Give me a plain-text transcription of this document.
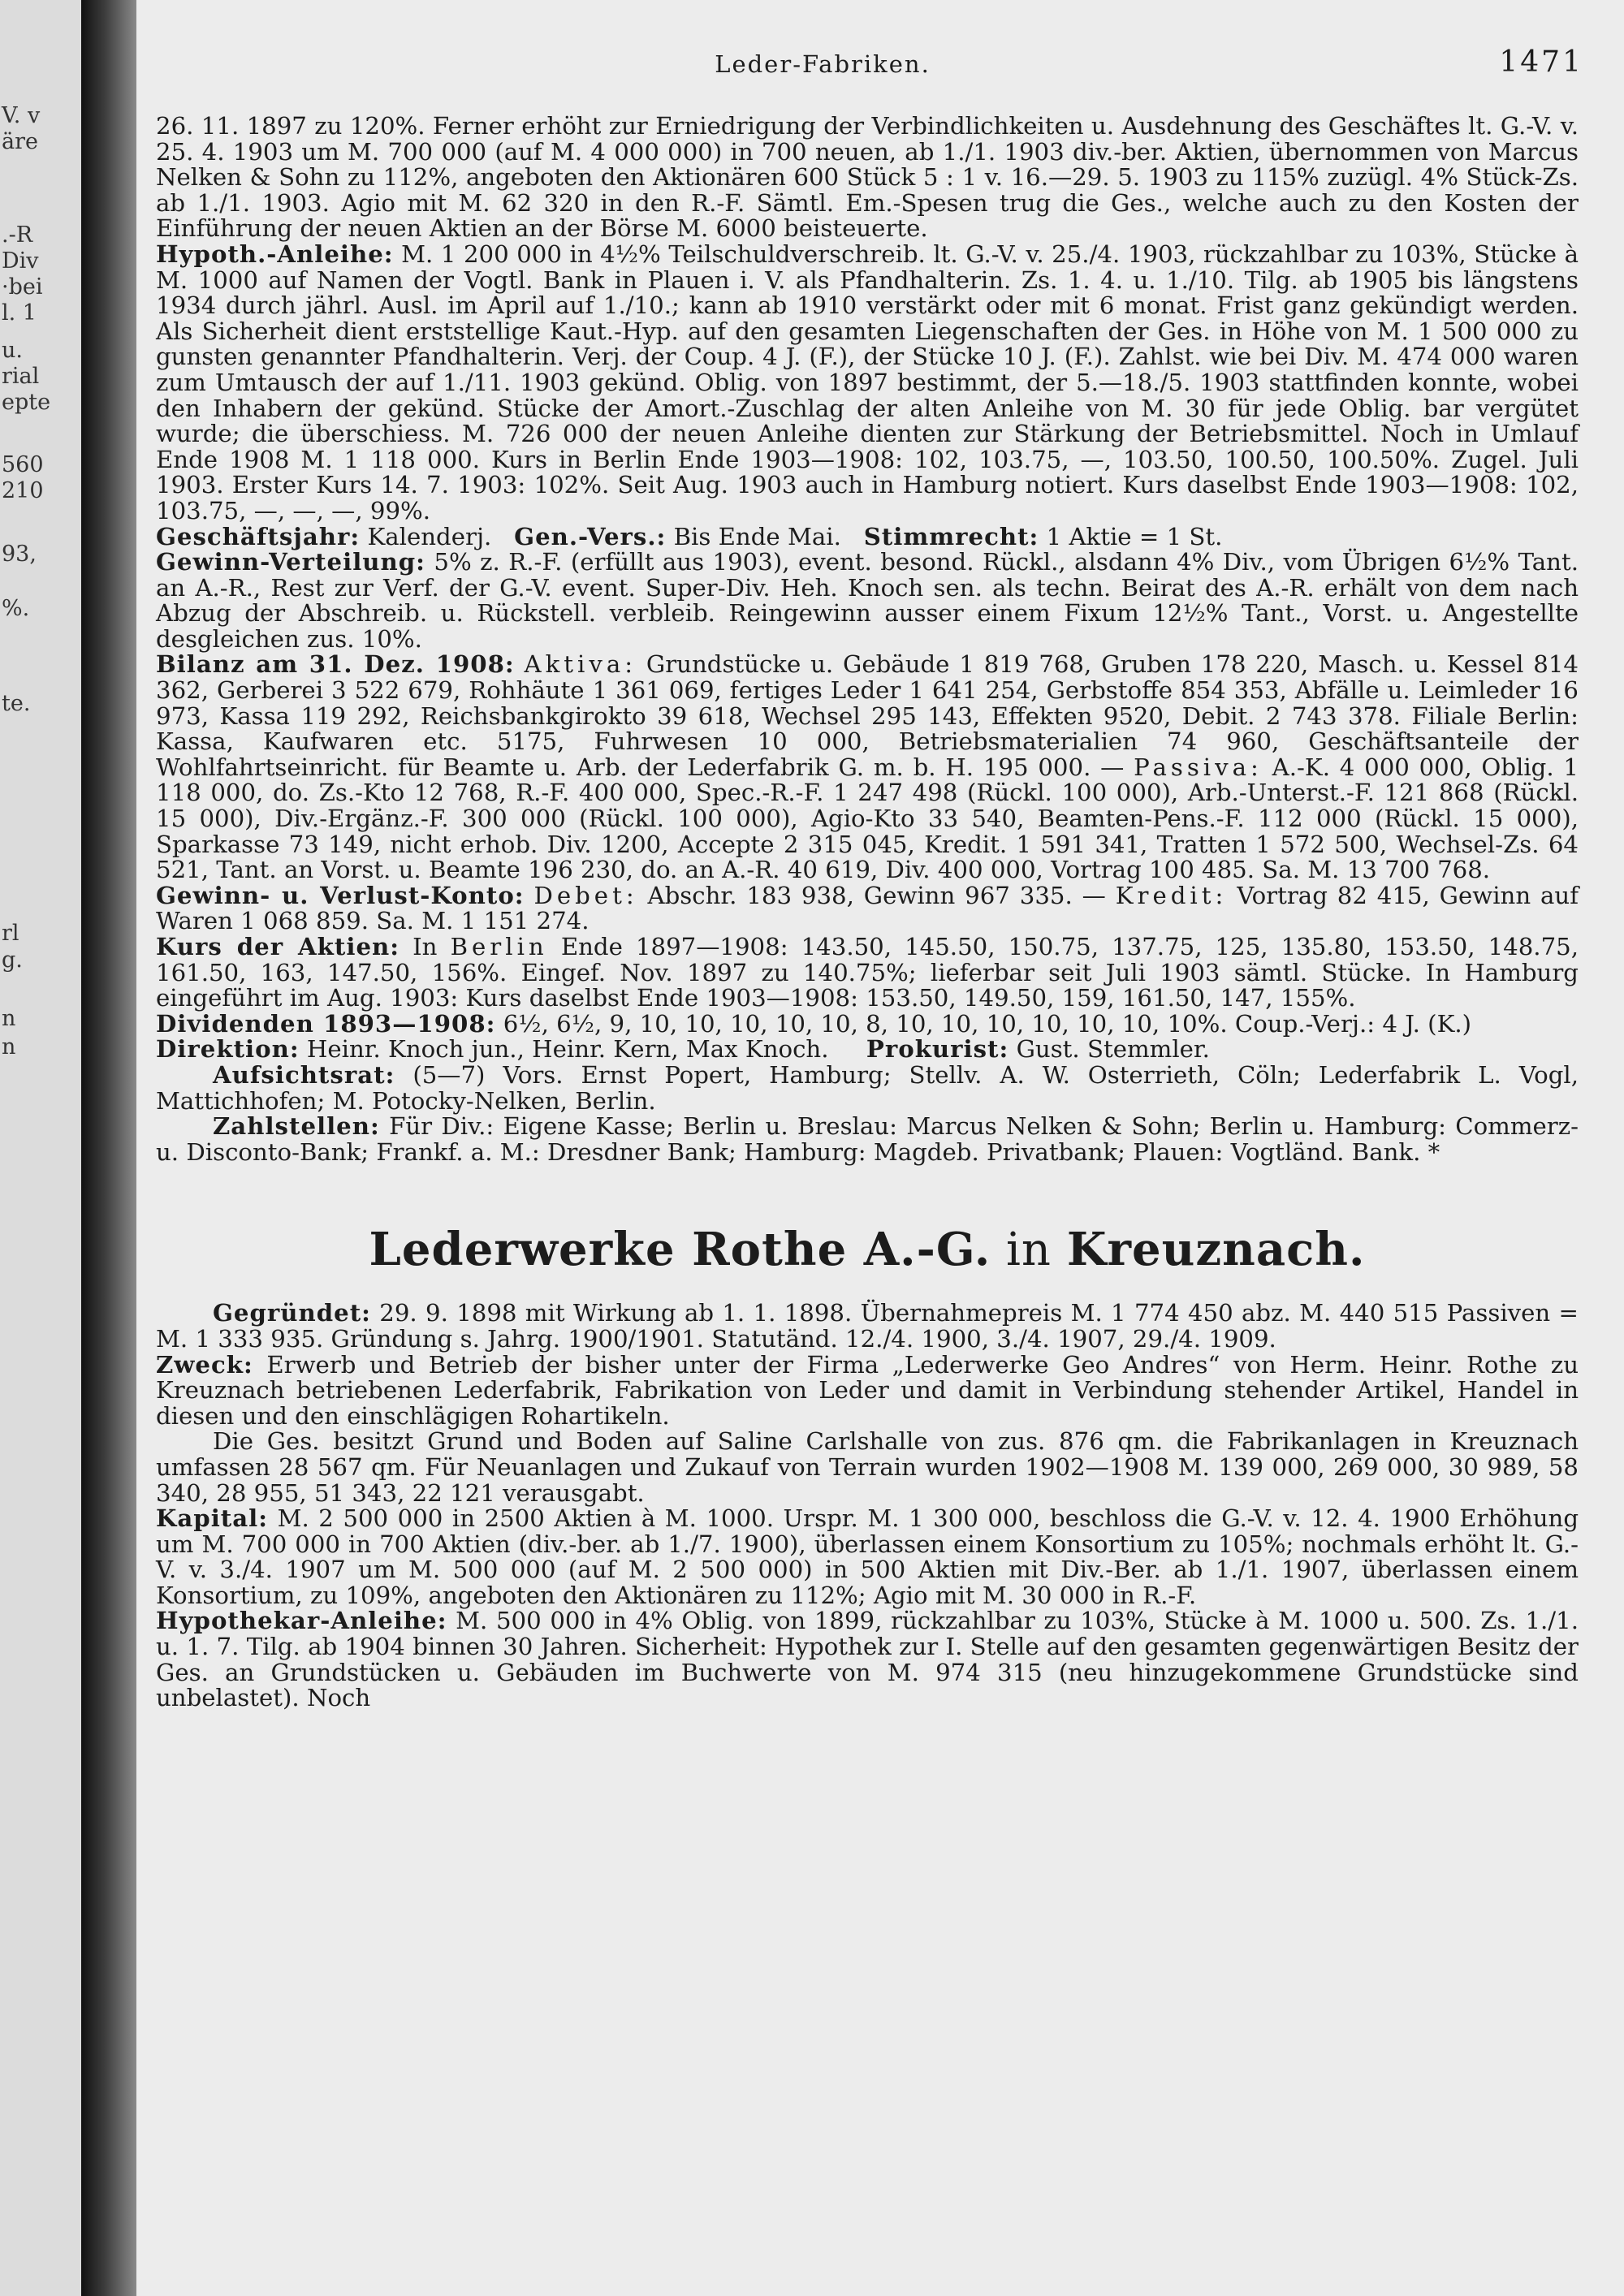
V. v
äre
.-R
Div
·bei
l. 1
u.
rial
epte
560
210
93,
%.
te.
rl
g.
n
n
Leder-Fabriken.	1471

26. 11. 1897 zu 120%. Ferner erhöht zur Erniedrigung der Verbindlichkeiten u. Ausdehnung des Geschäftes lt. G.-V. v. 25. 4. 1903 um M. 700 000 (auf M. 4 000 000) in 700 neuen, ab 1./1. 1903 div.-ber. Aktien, übernommen von Marcus Nelken & Sohn zu 112%, angeboten den Aktionären 600 Stück 5 : 1 v. 16.—29. 5. 1903 zu 115% zuzügl. 4% Stück-Zs. ab 1./1. 1903. Agio mit M. 62 320 in den R.-F. Sämtl. Em.-Spesen trug die Ges., welche auch zu den Kosten der Einführung der neuen Aktien an der Börse M. 6000 beisteuerte.

Hypoth.-Anleihe: M. 1 200 000 in 4½% Teilschuldverschreib. lt. G.-V. v. 25./4. 1903, rückzahlbar zu 103%, Stücke à M. 1000 auf Namen der Vogtl. Bank in Plauen i. V. als Pfandhalterin. Zs. 1. 4. u. 1./10. Tilg. ab 1905 bis längstens 1934 durch jährl. Ausl. im April auf 1./10.; kann ab 1910 verstärkt oder mit 6 monat. Frist ganz gekündigt werden. Als Sicherheit dient erststellige Kaut.-Hyp. auf den gesamten Liegenschaften der Ges. in Höhe von M. 1 500 000 zu gunsten genannter Pfandhalterin. Verj. der Coup. 4 J. (F.), der Stücke 10 J. (F.). Zahlst. wie bei Div. M. 474 000 waren zum Umtausch der auf 1./11. 1903 gekünd. Oblig. von 1897 bestimmt, der 5.—18./5. 1903 stattfinden konnte, wobei den Inhabern der gekünd. Stücke der Amort.-Zuschlag der alten Anleihe von M. 30 für jede Oblig. bar vergütet wurde; die überschiess. M. 726 000 der neuen Anleihe dienten zur Stärkung der Betriebsmittel. Noch in Umlauf Ende 1908 M. 1 118 000. Kurs in Berlin Ende 1903—1908: 102, 103.75, —, 103.50, 100.50, 100.50%. Zugel. Juli 1903. Erster Kurs 14. 7. 1903: 102%. Seit Aug. 1903 auch in Hamburg notiert. Kurs daselbst Ende 1903—1908: 102, 103.75, —, —, —, 99%.

Geschäftsjahr: Kalenderj. Gen.-Vers.: Bis Ende Mai. Stimmrecht: 1 Aktie = 1 St.

Gewinn-Verteilung: 5% z. R.-F. (erfüllt aus 1903), event. besond. Rückl., alsdann 4% Div., vom Übrigen 6½% Tant. an A.-R., Rest zur Verf. der G.-V. event. Super-Div. Heh. Knoch sen. als techn. Beirat des A.-R. erhält von dem nach Abzug der Abschreib. u. Rückstell. verbleib. Reingewinn ausser einem Fixum 12½% Tant., Vorst. u. Angestellte desgleichen zus. 10%.

Bilanz am 31. Dez. 1908: Aktiva: Grundstücke u. Gebäude 1 819 768, Gruben 178 220, Masch. u. Kessel 814 362, Gerberei 3 522 679, Rohhäute 1 361 069, fertiges Leder 1 641 254, Gerbstoffe 854 353, Abfälle u. Leimleder 16 973, Kassa 119 292, Reichsbankgirokto 39 618, Wechsel 295 143, Effekten 9520, Debit. 2 743 378. Filiale Berlin: Kassa, Kaufwaren etc. 5175, Fuhrwesen 10 000, Betriebsmaterialien 74 960, Geschäftsanteile der Wohlfahrtseinricht. für Beamte u. Arb. der Lederfabrik G. m. b. H. 195 000. — Passiva: A.-K. 4 000 000, Oblig. 1 118 000, do. Zs.-Kto 12 768, R.-F. 400 000, Spec.-R.-F. 1 247 498 (Rückl. 100 000), Arb.-Unterst.-F. 121 868 (Rückl. 15 000), Div.-Ergänz.-F. 300 000 (Rückl. 100 000), Agio-Kto 33 540, Beamten-Pens.-F. 112 000 (Rückl. 15 000), Sparkasse 73 149, nicht erhob. Div. 1200, Accepte 2 315 045, Kredit. 1 591 341, Tratten 1 572 500, Wechsel-Zs. 64 521, Tant. an Vorst. u. Beamte 196 230, do. an A.-R. 40 619, Div. 400 000, Vortrag 100 485. Sa. M. 13 700 768.

Gewinn- u. Verlust-Konto: Debet: Abschr. 183 938, Gewinn 967 335. — Kredit: Vortrag 82 415, Gewinn auf Waren 1 068 859. Sa. M. 1 151 274.

Kurs der Aktien: In Berlin Ende 1897—1908: 143.50, 145.50, 150.75, 137.75, 125, 135.80, 153.50, 148.75, 161.50, 163, 147.50, 156%. Eingef. Nov. 1897 zu 140.75%; lieferbar seit Juli 1903 sämtl. Stücke. In Hamburg eingeführt im Aug. 1903: Kurs daselbst Ende 1903—1908: 153.50, 149.50, 159, 161.50, 147, 155%.

Dividenden 1893—1908: 6½, 6½, 9, 10, 10, 10, 10, 10, 8, 10, 10, 10, 10, 10, 10, 10%. Coup.-Verj.: 4 J. (K.)

Direktion: Heinr. Knoch jun., Heinr. Kern, Max Knoch. Prokurist: Gust. Stemmler.

Aufsichtsrat: (5—7) Vors. Ernst Popert, Hamburg; Stellv. A. W. Osterrieth, Cöln; Lederfabrik L. Vogl, Mattichhofen; M. Potocky-Nelken, Berlin.

Zahlstellen: Für Div.: Eigene Kasse; Berlin u. Breslau: Marcus Nelken & Sohn; Berlin u. Hamburg: Commerz- u. Disconto-Bank; Frankf. a. M.: Dresdner Bank; Hamburg: Magdeb. Privatbank; Plauen: Vogtländ. Bank. *

Lederwerke Rothe A.-G. in Kreuznach.

Gegründet: 29. 9. 1898 mit Wirkung ab 1. 1. 1898. Übernahmepreis M. 1 774 450 abz. M. 440 515 Passiven = M. 1 333 935. Gründung s. Jahrg. 1900/1901. Statutänd. 12./4. 1900, 3./4. 1907, 29./4. 1909.

Zweck: Erwerb und Betrieb der bisher unter der Firma „Lederwerke Geo Andres“ von Herm. Heinr. Rothe zu Kreuznach betriebenen Lederfabrik, Fabrikation von Leder und damit in Verbindung stehender Artikel, Handel in diesen und den einschlägigen Rohartikeln.

Die Ges. besitzt Grund und Boden auf Saline Carlshalle von zus. 876 qm. die Fabrikanlagen in Kreuznach umfassen 28 567 qm. Für Neuanlagen und Zukauf von Terrain wurden 1902—1908 M. 139 000, 269 000, 30 989, 58 340, 28 955, 51 343, 22 121 verausgabt.

Kapital: M. 2 500 000 in 2500 Aktien à M. 1000. Urspr. M. 1 300 000, beschloss die G.-V. v. 12. 4. 1900 Erhöhung um M. 700 000 in 700 Aktien (div.-ber. ab 1./7. 1900), überlassen einem Konsortium zu 105%; nochmals erhöht lt. G.-V. v. 3./4. 1907 um M. 500 000 (auf M. 2 500 000) in 500 Aktien mit Div.-Ber. ab 1./1. 1907, überlassen einem Konsortium, zu 109%, angeboten den Aktionären zu 112%; Agio mit M. 30 000 in R.-F.

Hypothekar-Anleihe: M. 500 000 in 4% Oblig. von 1899, rückzahlbar zu 103%, Stücke à M. 1000 u. 500. Zs. 1./1. u. 1. 7. Tilg. ab 1904 binnen 30 Jahren. Sicherheit: Hypothek zur I. Stelle auf den gesamten gegenwärtigen Besitz der Ges. an Grundstücken u. Gebäuden im Buchwerte von M. 974 315 (neu hinzugekommene Grundstücke sind unbelastet). Noch
